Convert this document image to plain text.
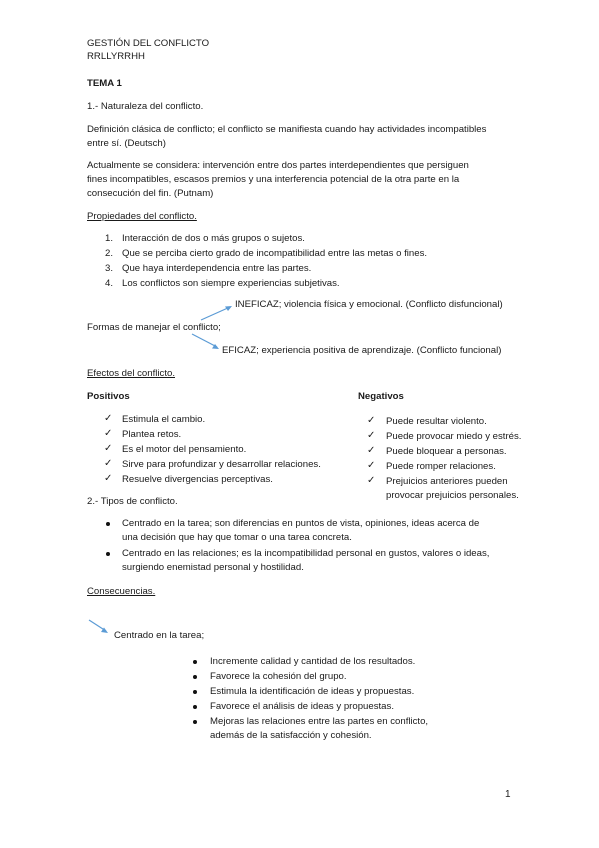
GESTIÓN DEL CONFLICTO
RRLLYRRHH
TEMA 1
1.- Naturaleza del conflicto.
Definición clásica de conflicto; el conflicto se manifiesta cuando hay actividades incompatibles
entre sí. (Deutsch)
Actualmente se considera: intervención entre dos partes interdependientes que persiguen
fines incompatibles, escasos premios y una interferencia potencial de la otra parte en la
consecución del fin. (Putnam)
Propiedades del conflicto.
1. Interacción de dos o más grupos o sujetos.
2. Que se perciba cierto grado de incompatibilidad entre las metas o fines.
3. Que haya interdependencia entre las partes.
4. Los conflictos son siempre experiencias subjetivas.
INEFICAZ; violencia física y emocional. (Conflicto disfuncional)
Formas de manejar el conflicto;
EFICAZ; experiencia positiva de aprendizaje. (Conflicto funcional)
Efectos del conflicto.
Positivos	Negativos
✓ Estimula el cambio.
✓ Plantea retos.
✓ Es el motor del pensamiento.
✓ Sirve para profundizar y desarrollar relaciones.
✓ Resuelve divergencias perceptivas.
✓ Puede resultar violento.
✓ Puede provocar miedo y estrés.
✓ Puede bloquear a personas.
✓ Puede romper relaciones.
✓ Prejuicios anteriores pueden
provocar prejuicios personales.
2.- Tipos de conflicto.
Centrado en la tarea; son diferencias en puntos de vista, opiniones, ideas acerca de
una decisión que hay que tomar o una tarea concreta.
Centrado en las relaciones; es la incompatibilidad personal en gustos, valores o ideas,
surgiendo enemistad personal y hostilidad.
Consecuencias.
Centrado en la tarea;
Incremente calidad y cantidad de los resultados.
Favorece la cohesión del grupo.
Estimula la identificación de ideas y propuestas.
Favorece el análisis de ideas y propuestas.
Mejoras las relaciones entre las partes en conflicto,
además de la satisfacción y cohesión.
1
